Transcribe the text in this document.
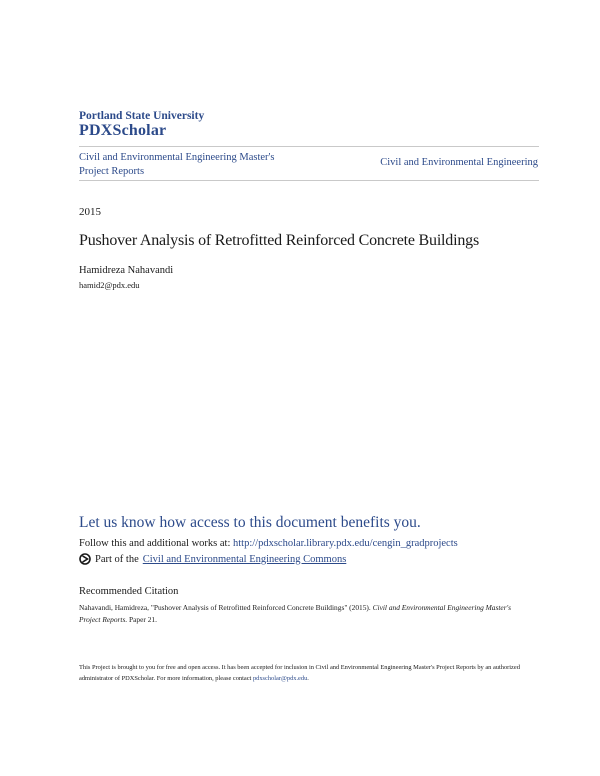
Portland State University
PDXScholar
Civil and Environmental Engineering Master's
Project Reports
Civil and Environmental Engineering
2015
Pushover Analysis of Retrofitted Reinforced Concrete Buildings
Hamidreza Nahavandi
hamid2@pdx.edu
Let us know how access to this document benefits you.
Follow this and additional works at: http://pdxscholar.library.pdx.edu/cengin_gradprojects
Part of the Civil and Environmental Engineering Commons
Recommended Citation
Nahavandi, Hamidreza, "Pushover Analysis of Retrofitted Reinforced Concrete Buildings" (2015). Civil and Environmental Engineering Master's Project Reports. Paper 21.
This Project is brought to you for free and open access. It has been accepted for inclusion in Civil and Environmental Engineering Master's Project Reports by an authorized administrator of PDXScholar. For more information, please contact pdxscholar@pdx.edu.
